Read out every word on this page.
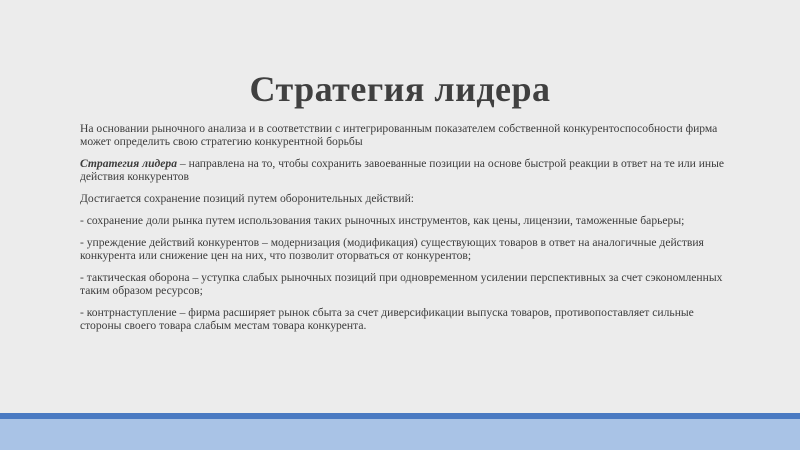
Стратегия лидера

На основании рыночного анализа и в соответствии с интегрированным показателем собственной конкурентоспособности фирма может определить свою стратегию конкурентной борьбы

Стратегия лидера – направлена на то, чтобы сохранить завоеванные позиции на основе быстрой реакции в ответ на те или иные действия конкурентов

Достигается сохранение позиций путем оборонительных действий:

- сохранение доли рынка путем использования таких рыночных инструментов, как цены, лицензии, таможенные барьеры;

- упреждение действий конкурентов – модернизация (модификация) существующих товаров в ответ на аналогичные действия конкурента или снижение цен на них, что позволит оторваться от конкурентов;

- тактическая оборона – уступка слабых рыночных позиций при одновременном усилении перспективных за счет сэкономленных таким образом ресурсов;

- контрнаступление – фирма расширяет рынок сбыта за счет диверсификации выпуска товаров, противопоставляет сильные стороны своего товара слабым местам товара конкурента.
